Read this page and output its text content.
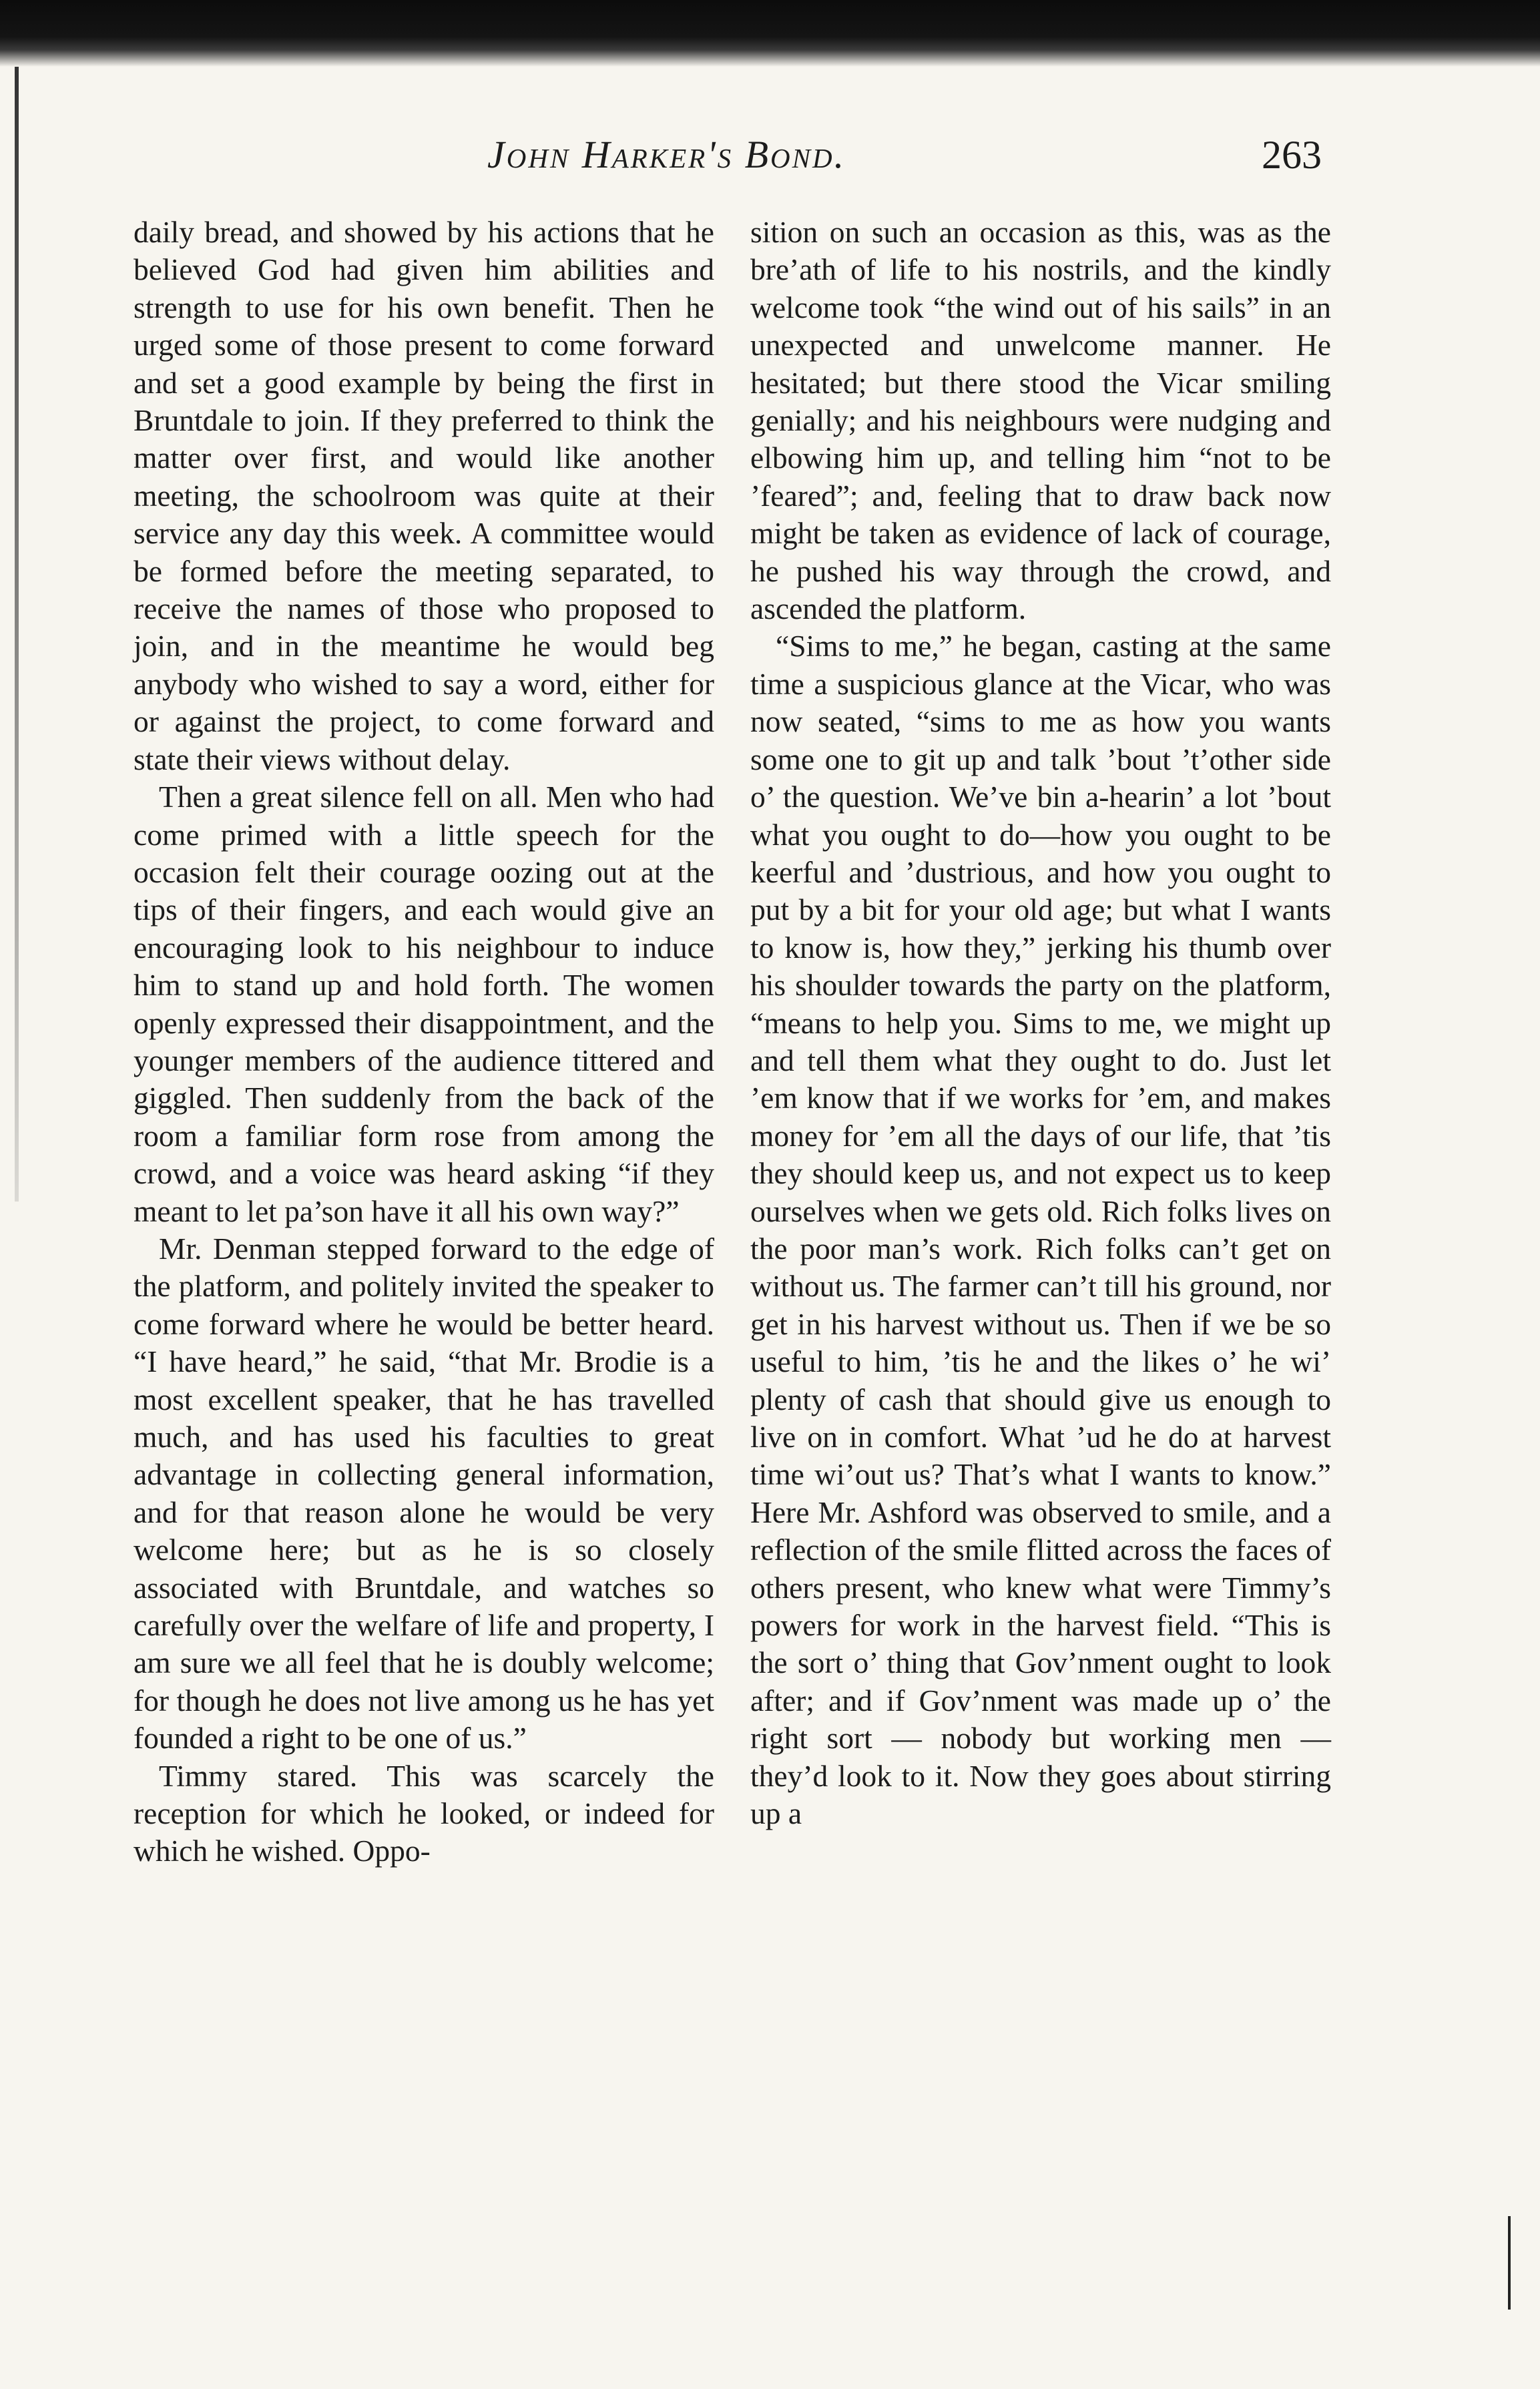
John Harker's Bond.	263

daily bread, and showed by his actions that he believed God had given him abilities and strength to use for his own benefit. Then he urged some of those present to come forward and set a good example by being the first in Bruntdale to join. If they preferred to think the matter over first, and would like another meeting, the schoolroom was quite at their service any day this week. A committee would be formed before the meeting separated, to receive the names of those who proposed to join, and in the meantime he would beg anybody who wished to say a word, either for or against the project, to come forward and state their views without delay.

Then a great silence fell on all. Men who had come primed with a little speech for the occasion felt their courage oozing out at the tips of their fingers, and each would give an encouraging look to his neighbour to induce him to stand up and hold forth. The women openly expressed their disappointment, and the younger members of the audience tittered and giggled. Then suddenly from the back of the room a familiar form rose from among the crowd, and a voice was heard asking “if they meant to let pa’son have it all his own way?”

Mr. Denman stepped forward to the edge of the platform, and politely invited the speaker to come forward where he would be better heard. “I have heard,” he said, “that Mr. Brodie is a most excellent speaker, that he has travelled much, and has used his faculties to great advantage in collecting general information, and for that reason alone he would be very welcome here; but as he is so closely associated with Bruntdale, and watches so carefully over the welfare of life and property, I am sure we all feel that he is doubly welcome; for though he does not live among us he has yet founded a right to be one of us.”

Timmy stared. This was scarcely the reception for which he looked, or indeed for which he wished. Oppo-

sition on such an occasion as this, was as the bre’ath of life to his nostrils, and the kindly welcome took “the wind out of his sails” in an unexpected and unwelcome manner. He hesitated; but there stood the Vicar smiling genially; and his neighbours were nudging and elbowing him up, and telling him “not to be ’feared”; and, feeling that to draw back now might be taken as evidence of lack of courage, he pushed his way through the crowd, and ascended the platform.

“Sims to me,” he began, casting at the same time a suspicious glance at the Vicar, who was now seated, “sims to me as how you wants some one to git up and talk ’bout ’t’other side o’ the question. We’ve bin a-hearin’ a lot ’bout what you ought to do—how you ought to be keerful and ’dustrious, and how you ought to put by a bit for your old age; but what I wants to know is, how they,” jerking his thumb over his shoulder towards the party on the platform, “means to help you. Sims to me, we might up and tell them what they ought to do. Just let ’em know that if we works for ’em, and makes money for ’em all the days of our life, that ’tis they should keep us, and not expect us to keep ourselves when we gets old. Rich folks lives on the poor man’s work. Rich folks can’t get on without us. The farmer can’t till his ground, nor get in his harvest without us. Then if we be so useful to him, ’tis he and the likes o’ he wi’ plenty of cash that should give us enough to live on in comfort. What ’ud he do at harvest time wi’out us? That’s what I wants to know.” Here Mr. Ashford was observed to smile, and a reflection of the smile flitted across the faces of others present, who knew what were Timmy’s powers for work in the harvest field. “This is the sort o’ thing that Gov’nment ought to look after; and if Gov’nment was made up o’ the right sort — nobody but working men — they’d look to it. Now they goes about stirring up a
